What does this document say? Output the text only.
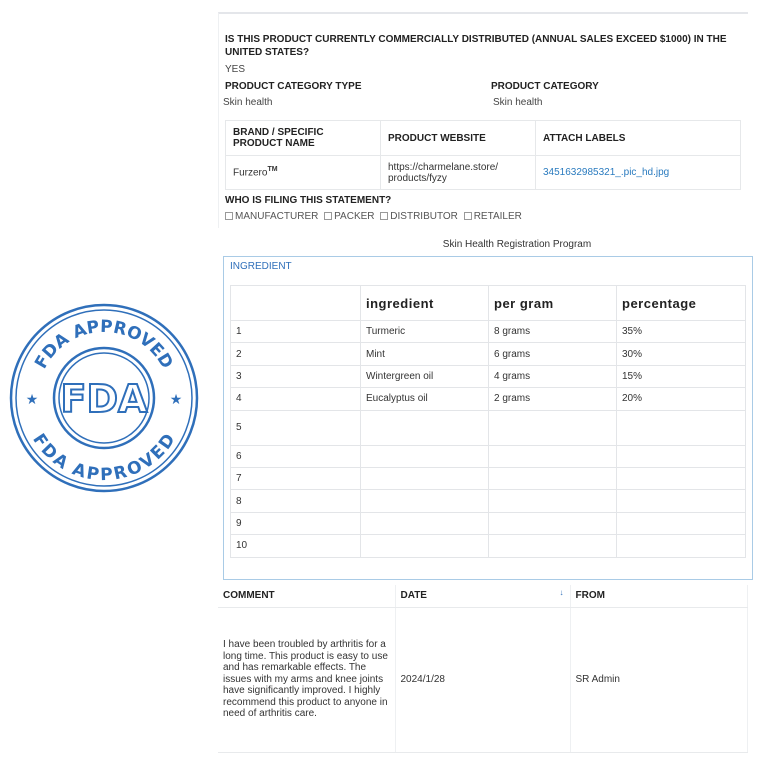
IS THIS PRODUCT CURRENTLY COMMERCIALLY DISTRIBUTED (ANNUAL SALES EXCEED $1000) IN THE UNITED STATES?
YES
PRODUCT CATEGORY TYPE
Skin health
PRODUCT CATEGORY
Skin health
BRAND / SPECIFIC PRODUCT NAME	PRODUCT WEBSITE	ATTACH LABELS
Furzero™	https://charmelane.store/ products/fyzy	3451632985321_.pic_hd.jpg
WHO IS FILING THIS STATEMENT?
MANUFACTURER PACKER DISTRIBUTOR RETAILER
Skin Health Registration Program
INGREDIENT
	ingredient	per gram	percentage
1	Turmeric	8 grams	35%
2	Mint	6 grams	30%
3	Wintergreen oil	4 grams	15%
4	Eucalyptus oil	2 grams	20%
5			
6			
7			
8			
9			
10			
COMMENT	DATE ↓	FROM
I have been troubled by arthritis for a long time. This product is easy to use and has remarkable effects. The issues with my arms and knee joints have significantly improved. I highly recommend this product to anyone in need of arthritis care.	2024/1/28	SR Admin
FDA APPROVED
FDA APPROVED
★	★
FDA
